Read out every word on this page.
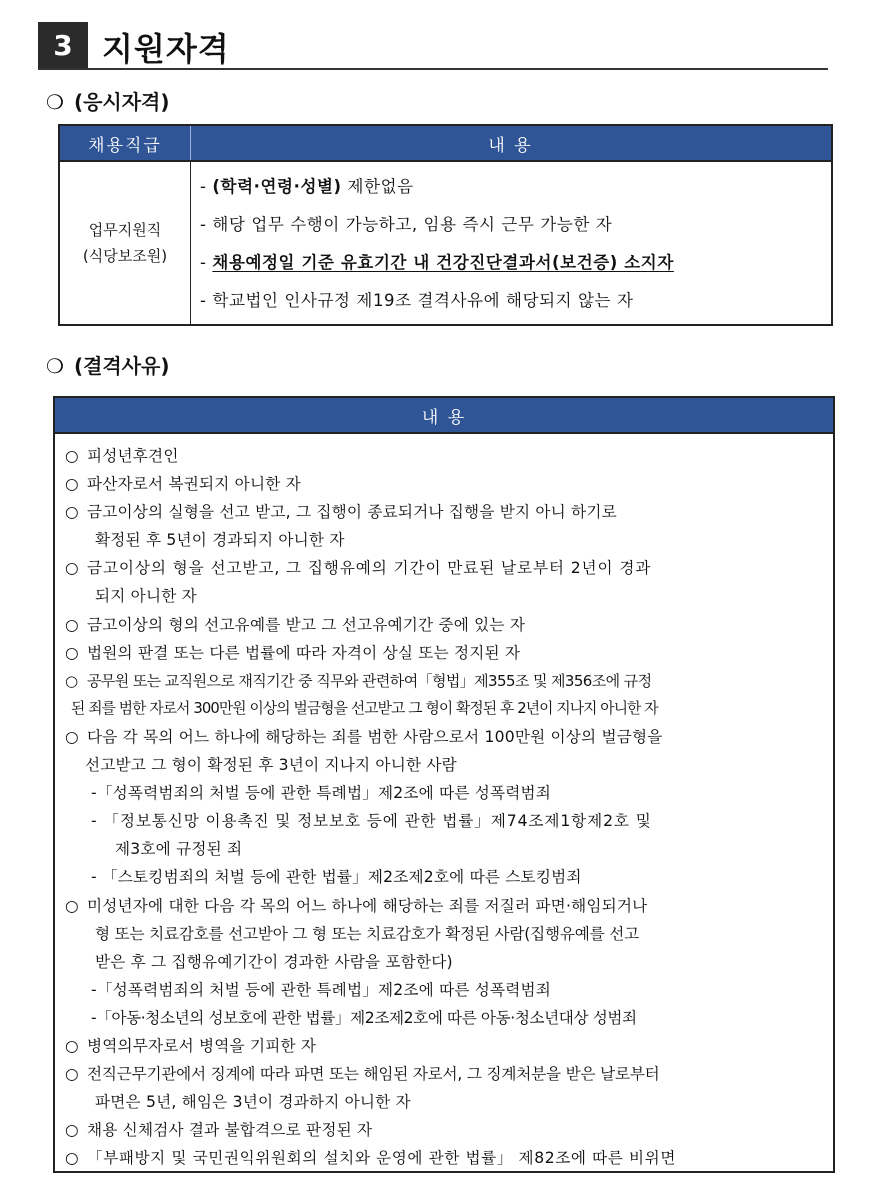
3 지원자격
❍ (응시자격)
채용직급	내 용
업무지원직
(식당보조원)
- (학력·연령·성별) 제한없음
- 해당 업무 수행이 가능하고, 임용 즉시 근무 가능한 자
- 채용예정일 기준 유효기간 내 건강진단결과서(보건증) 소지자
- 학교법인 인사규정 제19조 결격사유에 해당되지 않는 자
❍ (결격사유)
내 용
○ 피성년후견인
○ 파산자로서 복권되지 아니한 자
○ 금고이상의 실형을 선고 받고, 그 집행이 종료되거나 집행을 받지 아니 하기로
확정된 후 5년이 경과되지 아니한 자
○ 금고이상의 형을 선고받고, 그 집행유예의 기간이 만료된 날로부터 2년이 경과
되지 아니한 자
○ 금고이상의 형의 선고유예를 받고 그 선고유예기간 중에 있는 자
○ 법원의 판결 또는 다른 법률에 따라 자격이 상실 또는 정지된 자
○ 공무원 또는 교직원으로 재직기간 중 직무와 관련하여「형법」제355조 및 제356조에 규정
된 죄를 범한 자로서 300만원 이상의 벌금형을 선고받고 그 형이 확정된 후 2년이 지나지 아니한 자
○ 다음 각 목의 어느 하나에 해당하는 죄를 범한 사람으로서 100만원 이상의 벌금형을
선고받고 그 형이 확정된 후 3년이 지나지 아니한 사람
-「성폭력범죄의 처벌 등에 관한 특례법」제2조에 따른 성폭력범죄
- 「정보통신망 이용촉진 및 정보보호 등에 관한 법률」제74조제1항제2호 및
제3호에 규정된 죄
- 「스토킹범죄의 처벌 등에 관한 법률」제2조제2호에 따른 스토킹범죄
○ 미성년자에 대한 다음 각 목의 어느 하나에 해당하는 죄를 저질러 파면·해임되거나
형 또는 치료감호를 선고받아 그 형 또는 치료감호가 확정된 사람(집행유예를 선고
받은 후 그 집행유예기간이 경과한 사람을 포함한다)
-「성폭력범죄의 처벌 등에 관한 특례법」제2조에 따른 성폭력범죄
-「아동·청소년의 성보호에 관한 법률」제2조제2호에 따른 아동·청소년대상 성범죄
○ 병역의무자로서 병역을 기피한 자
○ 전직근무기관에서 징계에 따라 파면 또는 해임된 자로서, 그 징계처분을 받은 날로부터
파면은 5년, 해임은 3년이 경과하지 아니한 자
○ 채용 신체검사 결과 불합격으로 판정된 자
○ 「부패방지 및 국민권익위원회의 설치와 운영에 관한 법률」 제82조에 따른 비위면
